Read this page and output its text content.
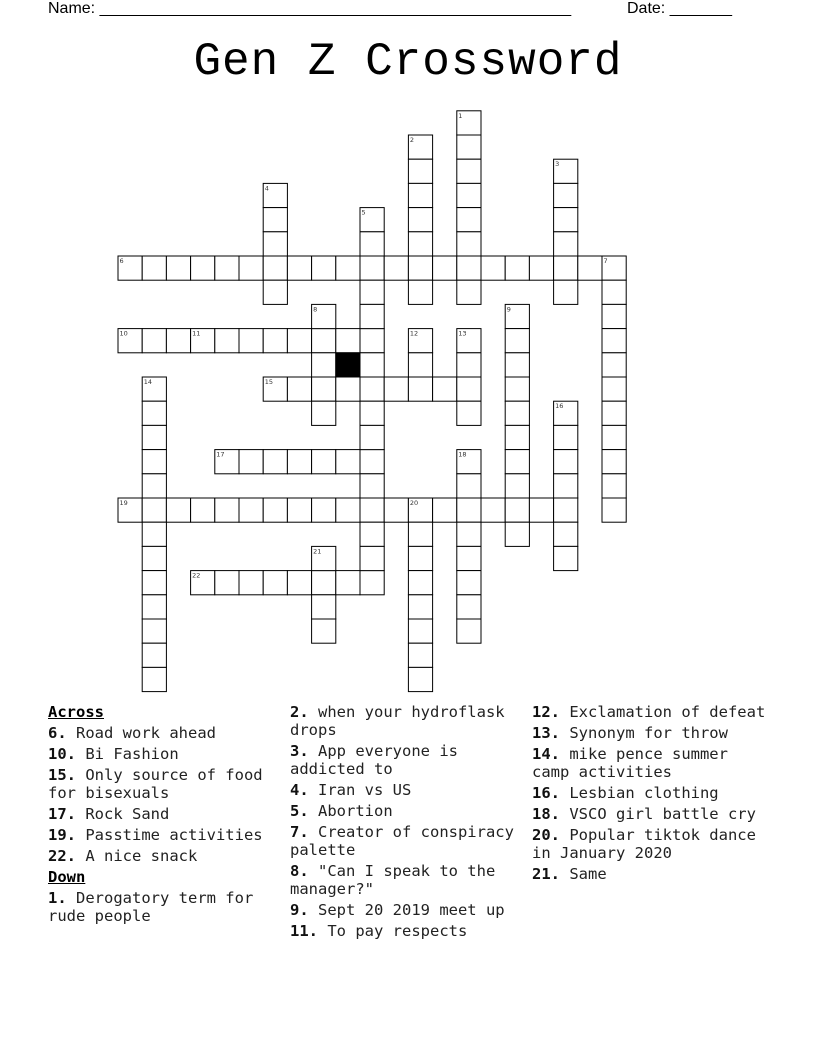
Name: _____________________________________________________	Date: _______
Gen Z Crossword
6
10
15
17
19
22
1
2
3
4
5
7
8	9
11	12	13
14
16
18
20
21
Across
6. Road work ahead
10. Bi Fashion
15. Only source of food for bisexuals
17. Rock Sand
19. Passtime activities
22. A nice snack
Down
1. Derogatory term for rude people
2. when your hydroflask drops
3. App everyone is addicted to
4. Iran vs US
5. Abortion
7. Creator of conspiracy palette
8. "Can I speak to the manager?"
9. Sept 20 2019 meet up
11. To pay respects
12. Exclamation of defeat
13. Synonym for throw
14. mike pence summer camp activities
16. Lesbian clothing
18. VSCO girl battle cry
20. Popular tiktok dance in January 2020
21. Same
